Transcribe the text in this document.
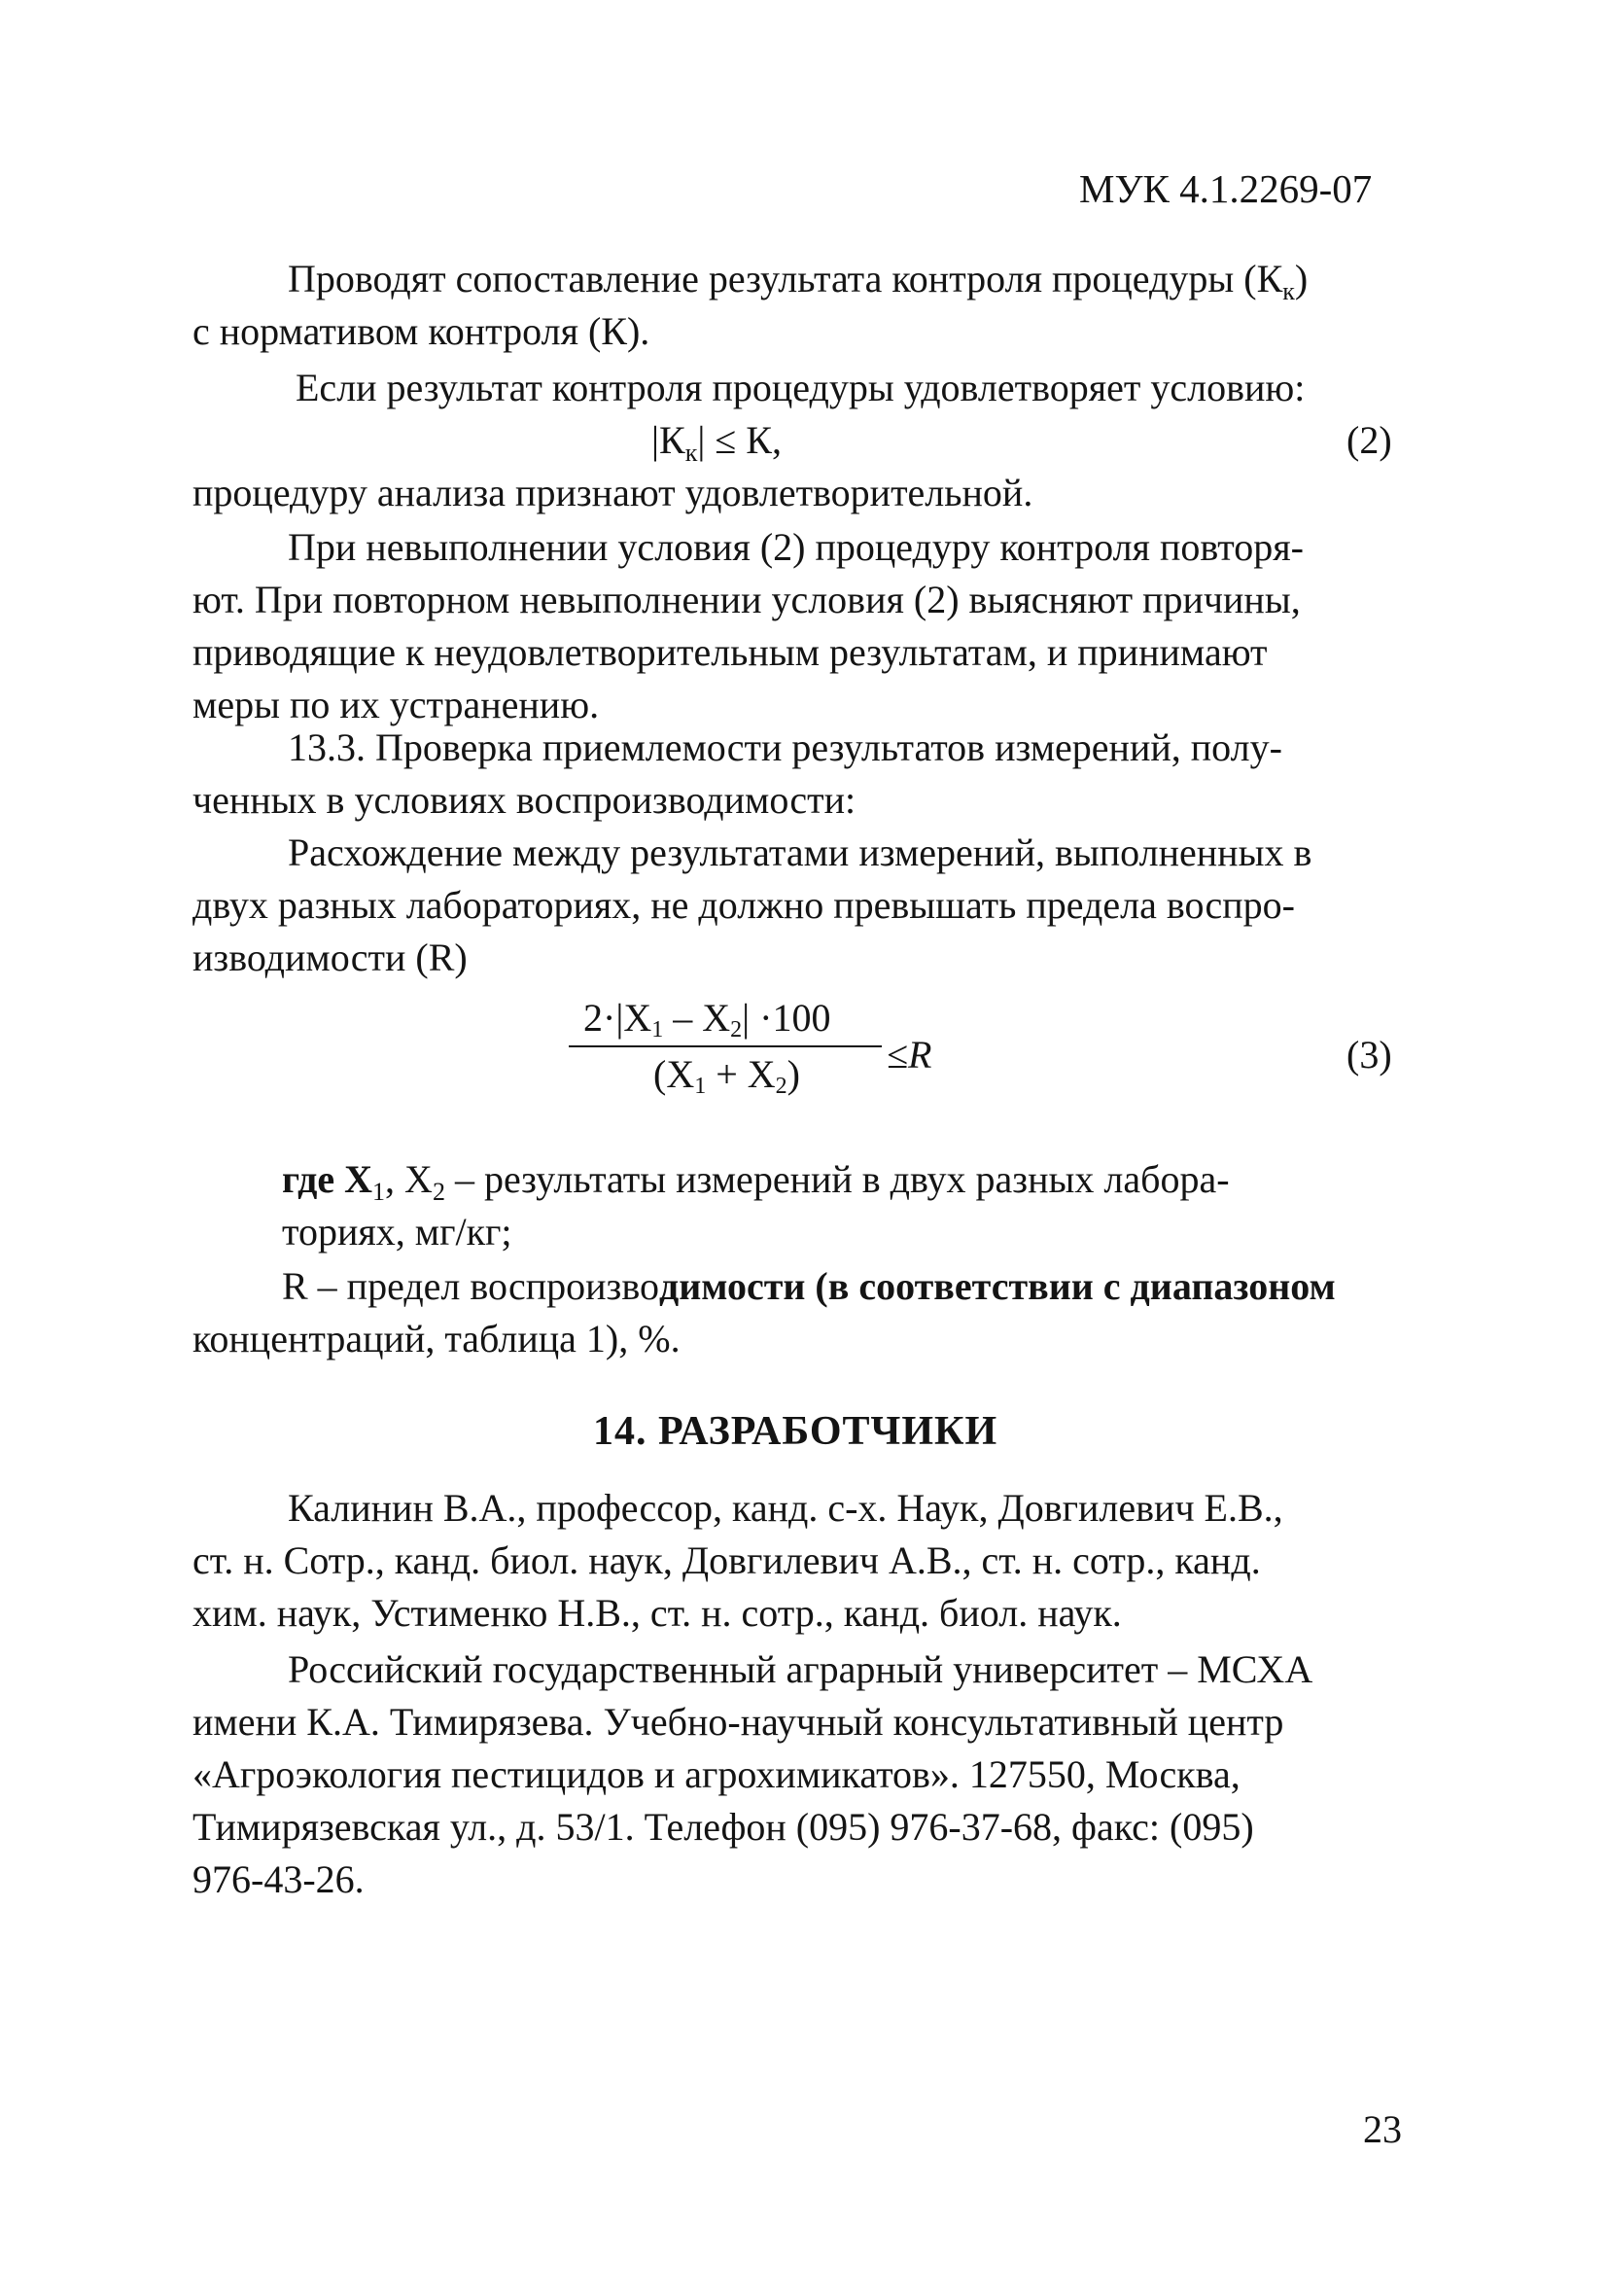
МУК 4.1.2269-07
Проводят сопоставление результата контроля процедуры $(К_к)$
с нормативом контроля (К).
Если результат контроля процедуры удовлетворяет условию:
$|К_к| \le К$,	(2)
процедуру анализа признают удовлетворительной.
При невыполнении условия (2) процедуру контроля повторя-
ют. При повторном невыполнении условия (2) выясняют причины,
приводящие к неудовлетворительным результатам, и принимают
меры по их устранению.
13.3. Проверка приемлемости результатов измерений, полу-
ченных в условиях воспроизводимости:
Расхождение между результатами измерений, выполненных в
двух разных лабораториях, не должно превышать предела воспро-
изводимости (R)
2·|X1 – X2| ·100
(X1 + X2) ≤R	(3)
где $X_1$, $X_2$ – результаты измерений в двух разных лабора-
ториях, мг/кг;
R – предел воспроизводимости (в соответствии с диапазоном
концентраций, таблица 1), %.
14. РАЗРАБОТЧИКИ
Калинин В.А., профессор, канд. с-х. Наук, Довгилевич Е.В.,
ст. н. Сотр., канд. биол. наук, Довгилевич А.В., ст. н. сотр., канд.
хим. наук, Устименко Н.В., ст. н. сотр., канд. биол. наук.
Российский государственный аграрный университет – МСХА
имени К.А. Тимирязева. Учебно-научный консультативный центр
«Агроэкология пестицидов и агрохимикатов». 127550, Москва,
Тимирязевская ул., д. 53/1. Телефон (095) 976-37-68, факс: (095)
976-43-26.
23
